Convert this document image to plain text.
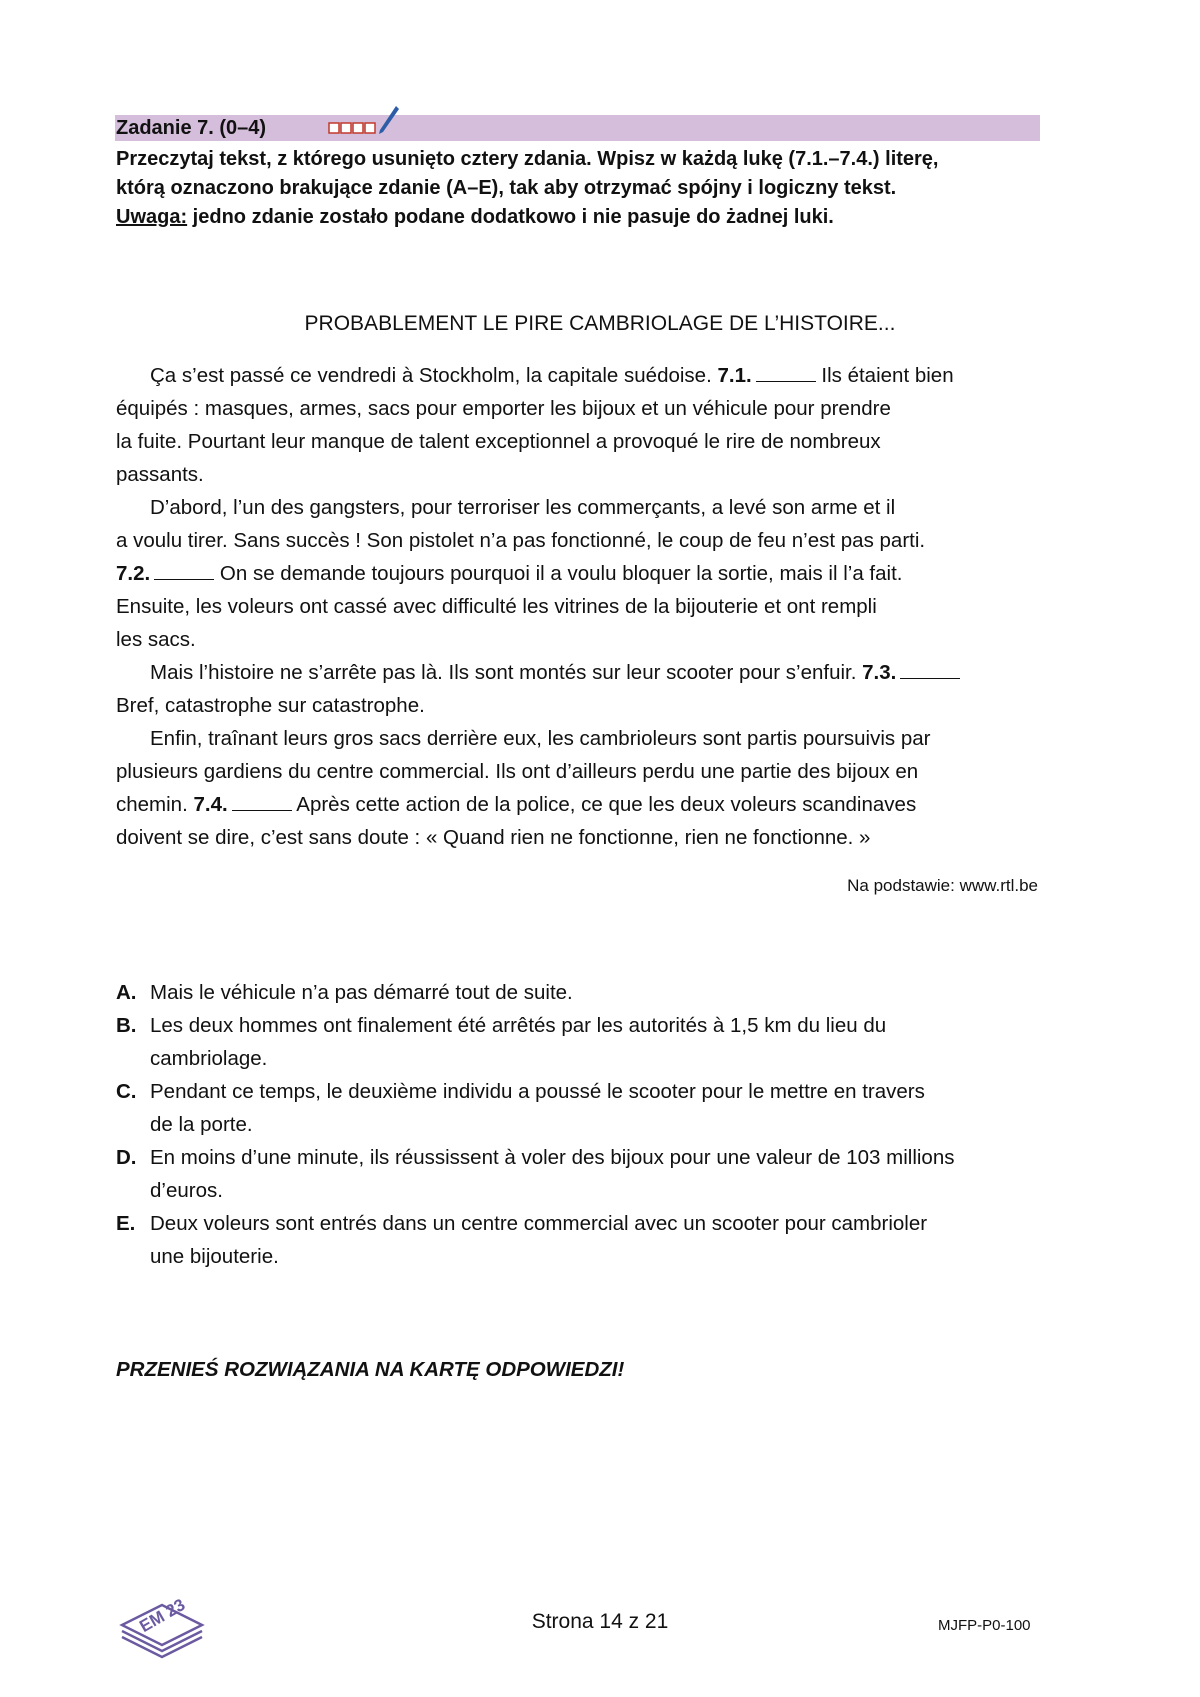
Zadanie 7. (0–4)
Przeczytaj tekst, z którego usunięto cztery zdania. Wpisz w każdą lukę (7.1.–7.4.) literę,
którą oznaczono brakujące zdanie (A–E), tak aby otrzymać spójny i logiczny tekst.
Uwaga: jedno zdanie zostało podane dodatkowo i nie pasuje do żadnej luki.
PROBABLEMENT LE PIRE CAMBRIOLAGE DE L’HISTOIRE...
Ça s’est passé ce vendredi à Stockholm, la capitale suédoise. 7.1.	Ils étaient bien
équipés : masques, armes, sacs pour emporter les bijoux et un véhicule pour prendre
la fuite. Pourtant leur manque de talent exceptionnel a provoqué le rire de nombreux
passants.
D’abord, l’un des gangsters, pour terroriser les commerçants, a levé son arme et il
a voulu tirer. Sans succès ! Son pistolet n’a pas fonctionné, le coup de feu n’est pas parti.
7.2.	On se demande toujours pourquoi il a voulu bloquer la sortie, mais il l’a fait.
Ensuite, les voleurs ont cassé avec difficulté les vitrines de la bijouterie et ont rempli
les sacs.
Mais l’histoire ne s’arrête pas là. Ils sont montés sur leur scooter pour s’enfuir. 7.3.
Bref, catastrophe sur catastrophe.
Enfin, traînant leurs gros sacs derrière eux, les cambrioleurs sont partis poursuivis par
plusieurs gardiens du centre commercial. Ils ont d’ailleurs perdu une partie des bijoux en
chemin. 7.4.	Après cette action de la police, ce que les deux voleurs scandinaves
doivent se dire, c’est sans doute : « Quand rien ne fonctionne, rien ne fonctionne. »
Na podstawie: www.rtl.be
A. Mais le véhicule n’a pas démarré tout de suite.
B. Les deux hommes ont finalement été arrêtés par les autorités à 1,5 km du lieu du
cambriolage.
C. Pendant ce temps, le deuxième individu a poussé le scooter pour le mettre en travers
de la porte.
D. En moins d’une minute, ils réussissent à voler des bijoux pour une valeur de 103 millions
d’euros.
E. Deux voleurs sont entrés dans un centre commercial avec un scooter pour cambrioler
une bijouterie.
PRZENIEŚ ROZWIĄZANIA NA KARTĘ ODPOWIEDZI!
EM 23	Strona 14 z 21	MJFP-P0-100
